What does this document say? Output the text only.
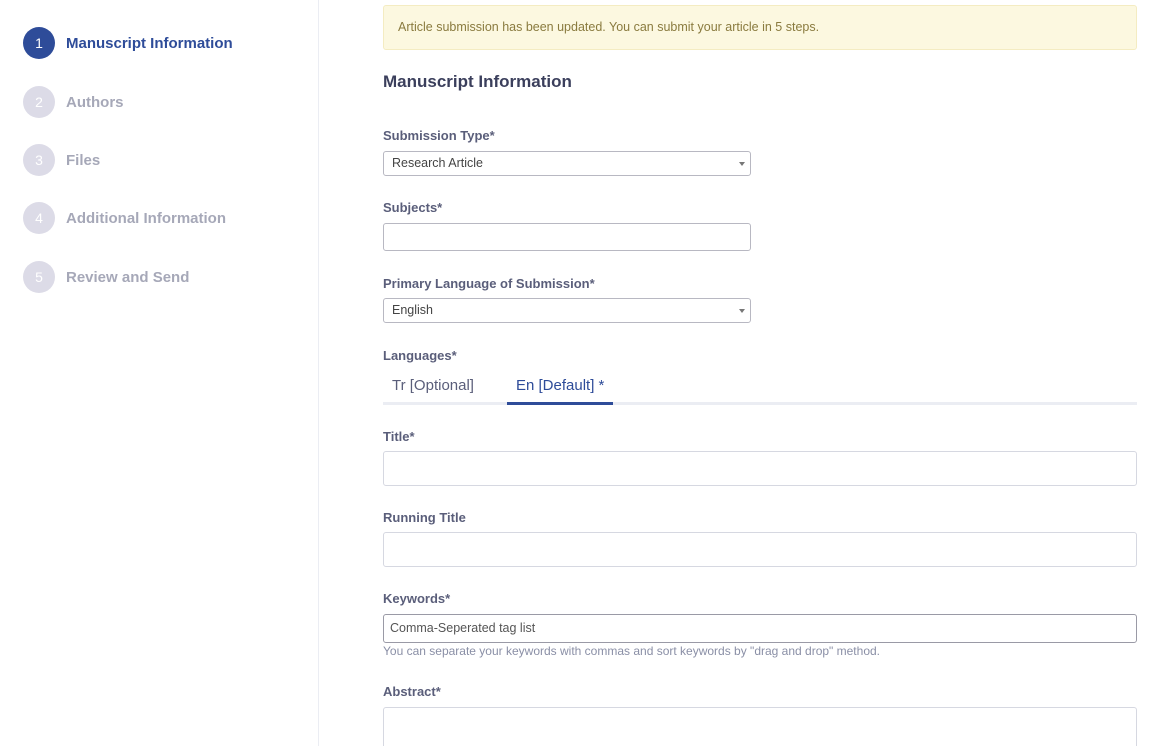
1	Manuscript Information
2	Authors
3	Files
4	Additional Information
5	Review and Send
Article submission has been updated. You can submit your article in 5 steps.
Manuscript Information
Submission Type*
Research Article
Subjects*
Primary Language of Submission*
English
Languages*
Tr [Optional]	En [Default] *
Title*
Running Title
Keywords*
Comma-Seperated tag list
You can separate your keywords with commas and sort keywords by "drag and drop" method.
Abstract*
